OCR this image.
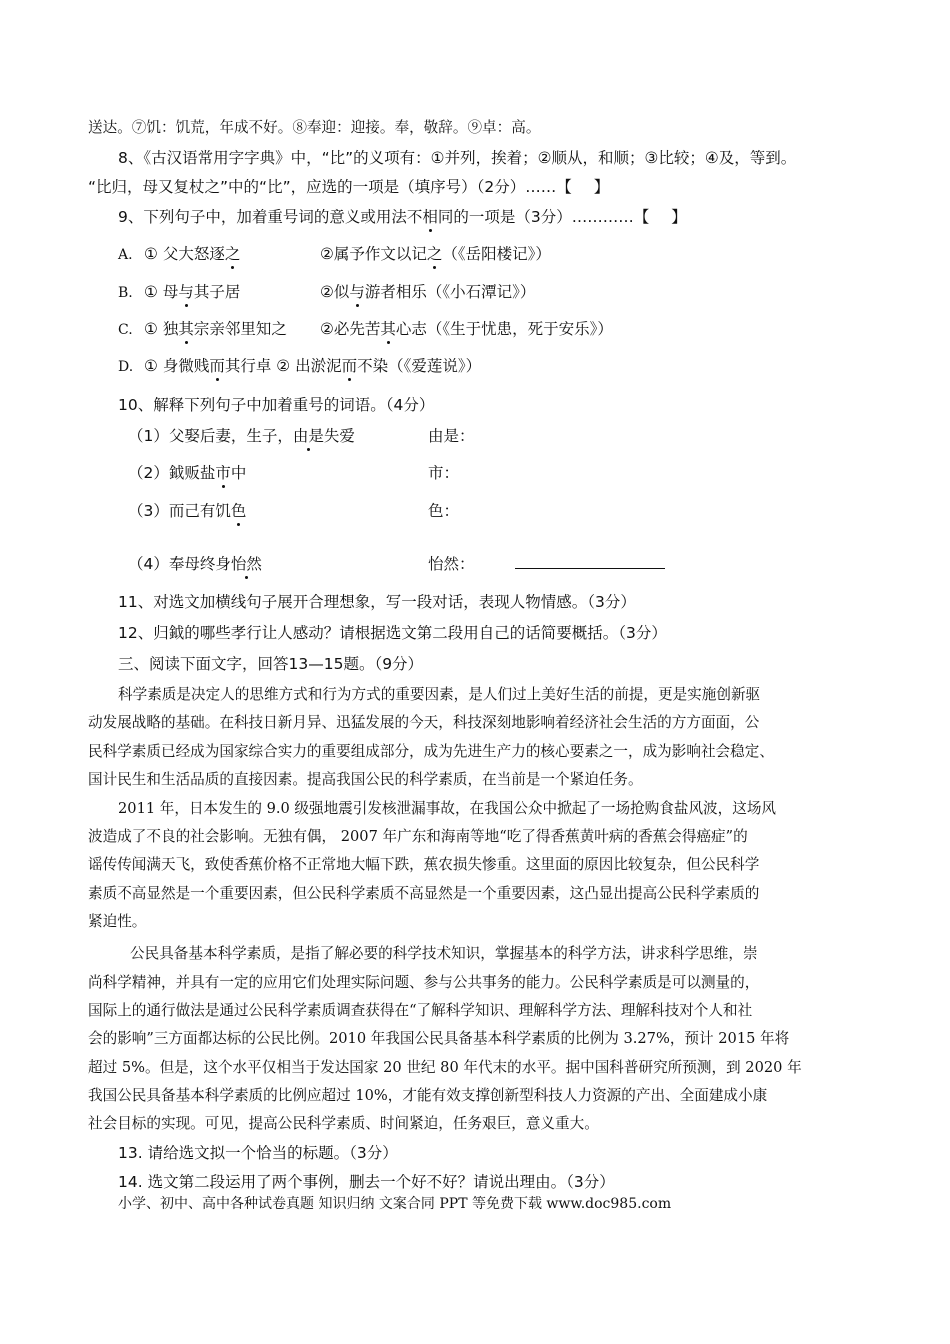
送达。⑦饥：饥荒，年成不好。⑧奉迎：迎接。奉，敬辞。⑨卓：高。
8、《古汉语常用字字典》中，“比”的义项有：①并列，挨着；②顺从，和顺；③比较；④及，等到。
“比归，母又复杖之”中的“比”，应选的一项是（填序号）（2分）……【 】
9、下列句子中，加着重号词的意义或用法不相同的一项是（3分）…………【 】
A. ① 父大怒逐之	②属予作文以记之（《岳阳楼记》）
B. ① 母与其子居	②似与游者相乐（《小石潭记》）
C. ① 独其宗亲邻里知之 ②必先苦其心志（《生于忧患，死于安乐》）
D. ① 身微贱而其行卓 ② 出淤泥而不染（《爱莲说》）
10、解释下列句子中加着重号的词语。（4分）
（1）父娶后妻，生子，由是失爱	由是：
（2）鉞贩盐市中	市：
（3）而己有饥色	色：
（4）奉母终身怡然	怡然：
11、对选文加横线句子展开合理想象，写一段对话，表现人物情感。（3分）
12、归鉞的哪些孝行让人感动？请根据选文第二段用自己的话简要概括。（3分）
三、阅读下面文字，回答13—15题。（9分）
科学素质是决定人的思维方式和行为方式的重要因素，是人们过上美好生活的前提，更是实施创新驱
动发展战略的基础。在科技日新月异、迅猛发展的今天，科技深刻地影响着经济社会生活的方方面面，公
民科学素质已经成为国家综合实力的重要组成部分，成为先进生产力的核心要素之一，成为影响社会稳定、
国计民生和生活品质的直接因素。提高我国公民的科学素质，在当前是一个紧迫任务。
2011 年，日本发生的 9.0 级强地震引发核泄漏事故，在我国公众中掀起了一场抢购食盐风波，这场风
波造成了不良的社会影响。无独有偶， 2007 年广东和海南等地“吃了得香蕉黄叶病的香蕉会得癌症”的
谣传传闻满天飞，致使香蕉价格不正常地大幅下跌，蕉农损失惨重。这里面的原因比较复杂，但公民科学
素质不高显然是一个重要因素，但公民科学素质不高显然是一个重要因素，这凸显出提高公民科学素质的
紧迫性。
公民具备基本科学素质，是指了解必要的科学技术知识，掌握基本的科学方法，讲求科学思维，崇
尚科学精神，并具有一定的应用它们处理实际问题、参与公共事务的能力。公民科学素质是可以测量的，
国际上的通行做法是通过公民科学素质调查获得在“了解科学知识、理解科学方法、理解科技对个人和社
会的影响”三方面都达标的公民比例。2010 年我国公民具备基本科学素质的比例为 3.27%，预计 2015 年将
超过 5%。但是，这个水平仅相当于发达国家 20 世纪 80 年代末的水平。据中国科普研究所预测，到 2020 年
我国公民具备基本科学素质的比例应超过 10%，才能有效支撑创新型科技人力资源的产出、全面建成小康
社会目标的实现。可见，提高公民科学素质、时间紧迫，任务艰巨，意义重大。
13. 请给选文拟一个恰当的标题。（3分）
14. 选文第二段运用了两个事例，删去一个好不好？请说出理由。（3分）
小学、初中、高中各种试卷真题 知识归纳 文案合同 PPT 等免费下载 www.doc985.com
